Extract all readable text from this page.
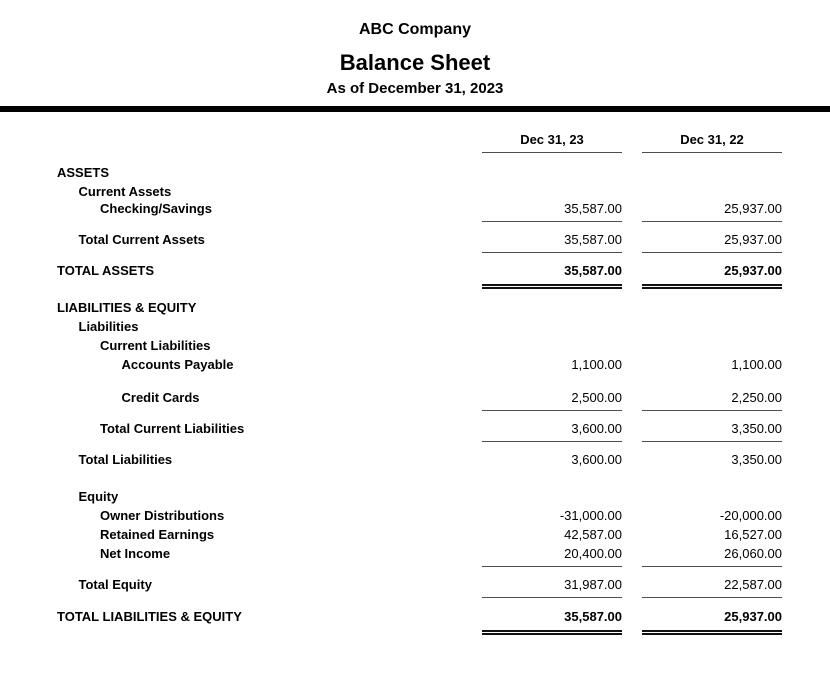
ABC Company
Balance Sheet
As of December 31, 2023
Dec 31, 23	Dec 31, 22
ASSETS
Current Assets
Checking/Savings	35,587.00	25,937.00
Total Current Assets	35,587.00	25,937.00
TOTAL ASSETS	35,587.00	25,937.00
LIABILITIES & EQUITY
Liabilities
Current Liabilities
Accounts Payable	1,100.00	1,100.00
Credit Cards	2,500.00	2,250.00
Total Current Liabilities	3,600.00	3,350.00
Total Liabilities	3,600.00	3,350.00
Equity
Owner Distributions	-31,000.00	-20,000.00
Retained Earnings	42,587.00	16,527.00
Net Income	20,400.00	26,060.00
Total Equity	31,987.00	22,587.00
TOTAL LIABILITIES & EQUITY	35,587.00	25,937.00
